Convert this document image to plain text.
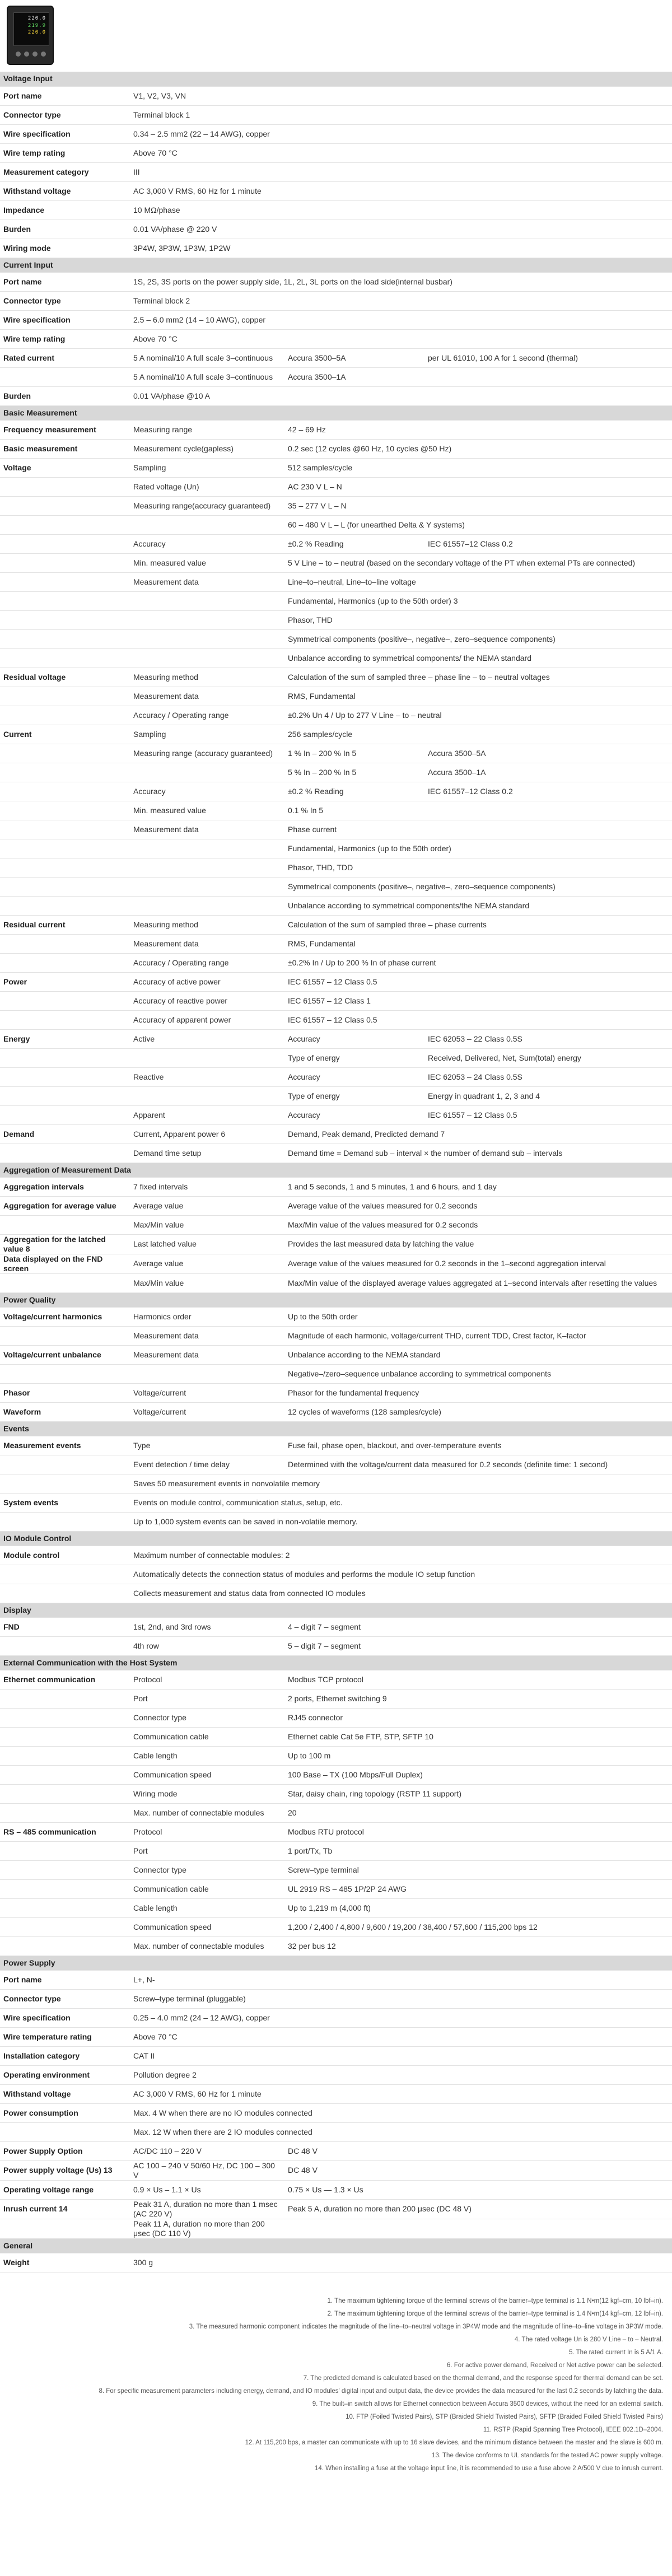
220.0
219.9
220.0
Voltage Input			
Port name	V1, V2, V3, VN		
Connector type	Terminal block 1		
Wire specification	0.34 – 2.5 mm2 (22 – 14 AWG), copper		
Wire temp rating	Above 70 °C		
Measurement category	III		
Withstand voltage	AC 3,000 V RMS, 60 Hz for 1 minute		
Impedance	10 MΩ/phase		
Burden	0.01 VA/phase @ 220 V		
Wiring mode	3P4W, 3P3W, 1P3W, 1P2W		
Current Input			
Port name	1S, 2S, 3S ports on the power supply side, 1L, 2L, 3L ports on the load side(internal busbar)		
Connector type	Terminal block 2		
Wire specification	2.5 – 6.0 mm2 (14 – 10 AWG), copper		
Wire temp rating	Above 70 °C		
Rated current	5 A nominal/10 A full scale 3–continuous	Accura 3500–5A	per UL 61010, 100 A for 1 second (thermal)
	5 A nominal/10 A full scale 3–continuous	Accura 3500–1A	
Burden	0.01 VA/phase @10 A		
Basic Measurement			
Frequency measurement	Measuring range	42 – 69 Hz	
Basic measurement	Measurement cycle(gapless)	0.2 sec (12 cycles @60 Hz, 10 cycles @50 Hz)	
Voltage	Sampling	512 samples/cycle	
	Rated voltage (Un)	AC 230 V L – N	
	Measuring range(accuracy guaranteed)	35 – 277 V L – N	
		60 – 480 V L – L (for unearthed Delta & Y systems)	
	Accuracy	±0.2 % Reading	IEC 61557–12 Class 0.2
	Min. measured value	5 V Line – to – neutral (based on the secondary voltage of the PT when external PTs are connected)	
	Measurement data	Line–to–neutral, Line–to–line voltage	
		Fundamental, Harmonics (up to the 50th order) 3	
		Phasor, THD	
		Symmetrical components (positive–, negative–, zero–sequence components)	
		Unbalance according to symmetrical components/ the NEMA standard	
Residual voltage	Measuring method	Calculation of the sum of sampled three – phase line – to – neutral voltages	
	Measurement data	RMS, Fundamental	
	Accuracy / Operating range	±0.2% Un 4 / Up to 277 V Line – to – neutral	
Current	Sampling	256 samples/cycle	
	Measuring range (accuracy guaranteed)	1 % In – 200 % In 5	Accura 3500–5A
		5 % In – 200 % In 5	Accura 3500–1A
	Accuracy	±0.2 % Reading	IEC 61557–12 Class 0.2
	Min. measured value	0.1 % In 5	
	Measurement data	Phase current	
		Fundamental, Harmonics (up to the 50th order)	
		Phasor, THD, TDD	
		Symmetrical components (positive–, negative–, zero–sequence components)	
		Unbalance according to symmetrical components/the NEMA standard	
Residual current	Measuring method	Calculation of the sum of sampled three – phase currents	
	Measurement data	RMS, Fundamental	
	Accuracy / Operating range	±0.2% In / Up to 200 % In of phase current	
Power	Accuracy of active power	IEC 61557 – 12 Class 0.5	
	Accuracy of reactive power	IEC 61557 – 12 Class 1	
	Accuracy of apparent power	IEC 61557 – 12 Class 0.5	
Energy	Active	Accuracy	IEC 62053 – 22 Class 0.5S
		Type of energy	Received, Delivered, Net, Sum(total) energy
	Reactive	Accuracy	IEC 62053 – 24 Class 0.5S
		Type of energy	Energy in quadrant 1, 2, 3 and 4
	Apparent	Accuracy	IEC 61557 – 12 Class 0.5
Demand	Current, Apparent power 6	Demand, Peak demand, Predicted demand 7	
	Demand time setup	Demand time = Demand sub – interval × the number of demand sub – intervals	
Aggregation of Measurement Data			
Aggregation intervals	7 fixed intervals	1 and 5 seconds, 1 and 5 minutes, 1 and 6 hours, and 1 day	
Aggregation for average value	Average value	Average value of the values measured for 0.2 seconds	
	Max/Min value	Max/Min value of the values measured for 0.2 seconds	
Aggregation for the latched value 8	Last latched value	Provides the last measured data by latching the value	
Data displayed on the FND screen	Average value	Average value of the values measured for 0.2 seconds in the 1–second aggregation interval	
	Max/Min value	Max/Min value of the displayed average values aggregated at 1–second intervals after resetting the values	
Power Quality			
Voltage/current harmonics	Harmonics order	Up to the 50th order	
	Measurement data	Magnitude of each harmonic, voltage/current THD, current TDD, Crest factor, K–factor	
Voltage/current unbalance	Measurement data	Unbalance according to the NEMA standard	
		Negative–/zero–sequence unbalance according to symmetrical components	
Phasor	Voltage/current	Phasor for the fundamental frequency	
Waveform	Voltage/current	12 cycles of waveforms (128 samples/cycle)	
Events			
Measurement events	Type	Fuse fail, phase open, blackout, and over-temperature events	
	Event detection / time delay	Determined with the voltage/current data measured for 0.2 seconds (definite time: 1 second)	
	Saves 50 measurement events in nonvolatile memory		
System events	Events on module control, communication status, setup, etc.		
	Up to 1,000 system events can be saved in non-volatile memory.		
IO Module Control			
Module control	Maximum number of connectable modules: 2		
	Automatically detects the connection status of modules and performs the module IO setup function		
	Collects measurement and status data from connected IO modules		
Display			
FND	1st, 2nd, and 3rd rows	4 – digit 7 – segment	
	4th row	5 – digit 7 – segment	
External Communication with the Host System			
Ethernet communication	Protocol	Modbus TCP protocol	
	Port	2 ports, Ethernet switching 9	
	Connector type	RJ45 connector	
	Communication cable	Ethernet cable Cat 5e FTP, STP, SFTP 10	
	Cable length	Up to 100 m	
	Communication speed	100 Base – TX (100 Mbps/Full Duplex)	
	Wiring mode	Star, daisy chain, ring topology (RSTP 11 support)	
	Max. number of connectable modules	20	
RS – 485 communication	Protocol	Modbus RTU protocol	
	Port	1 port/Tx, Tb	
	Connector type	Screw–type terminal	
	Communication cable	UL 2919 RS – 485 1P/2P 24 AWG	
	Cable length	Up to 1,219 m (4,000 ft)	
	Communication speed	1,200 / 2,400 / 4,800 / 9,600 / 19,200 / 38,400 / 57,600 / 115,200 bps 12	
	Max. number of connectable modules	32 per bus 12	
Power Supply			
Port name	L+, N-		
Connector type	Screw–type terminal (pluggable)		
Wire specification	0.25 – 4.0 mm2 (24 – 12 AWG), copper		
Wire temperature rating	Above 70 °C		
Installation category	CAT II		
Operating environment	Pollution degree 2		
Withstand voltage	AC 3,000 V RMS, 60 Hz for 1 minute		
Power consumption	Max. 4 W when there are no IO modules connected		
	Max. 12 W when there are 2 IO modules connected		
Power Supply Option	AC/DC 110 – 220 V	DC 48 V	
Power supply voltage (Us) 13	AC 100 – 240 V 50/60 Hz, DC 100 – 300 V	DC 48 V	
Operating voltage range	0.9 × Us – 1.1 × Us	0.75 × Us — 1.3 × Us	
Inrush current 14	Peak 31 A, duration no more than 1 msec (AC 220 V)	Peak 5 A, duration no more than 200 μsec (DC 48 V)	
	Peak 11 A, duration no more than 200 μsec (DC 110 V)		
General			
Weight	300 g		
1. The maximum tightening torque of the terminal screws of the barrier–type terminal is 1.1 N•m(12 kgf–cm, 10 lbf–in).
2. The maximum tightening torque of the terminal screws of the barrier–type terminal is 1.4 N•m(14 kgf–cm, 12 lbf–in).
3. The measured harmonic component indicates the magnitude of the line–to–neutral voltage in 3P4W mode and the magnitude of line–to–line voltage in 3P3W mode.
4. The rated voltage Un is 280 V Line – to – Neutral.
5. The rated current In is 5 A/1 A.
6. For active power demand, Received or Net active power can be selected.
7. The predicted demand is calculated based on the thermal demand, and the response speed for thermal demand can be set.
8. For specific measurement parameters including energy, demand, and IO modules' digital input and output data, the device provides the data measured for the last 0.2 seconds by latching the data.
9. The built–in switch allows for Ethernet connection between Accura 3500 devices, without the need for an external switch.
10. FTP (Foiled Twisted Pairs), STP (Braided Shield Twisted Pairs), SFTP (Braided Foiled Shield Twisted Pairs)
11. RSTP (Rapid Spanning Tree Protocol), IEEE 802.1D–2004.
12. At 115,200 bps, a master can communicate with up to 16 slave devices, and the minimum distance between the master and the slave is 600 m.
13. The device conforms to UL standards for the tested AC power supply voltage.
14. When installing a fuse at the voltage input line, it is recommended to use a fuse above 2 A/500 V due to inrush current.
